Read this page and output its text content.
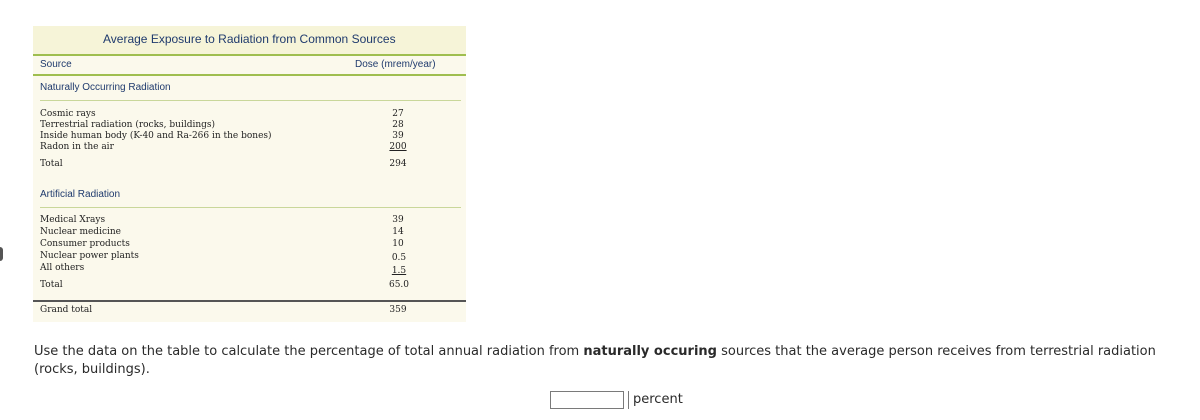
Average Exposure to Radiation from Common Sources
Source	Dose (mrem/year)
Naturally Occurring Radiation
Cosmic rays	27
Terrestrial radiation (rocks, buildings)	28
Inside human body (K-40 and Ra-266 in the bones)	39
Radon in the air	200
Total	294
Artificial Radiation
Medical Xrays	39
Nuclear medicine	14
Consumer products	10
Nuclear power plants	0.5
All others	1.5
Total	65.0
Grand total	359
Use the data on the table to calculate the percentage of total annual radiation from naturally occuring sources that the average person receives from terrestrial radiation (rocks, buildings).
percent
